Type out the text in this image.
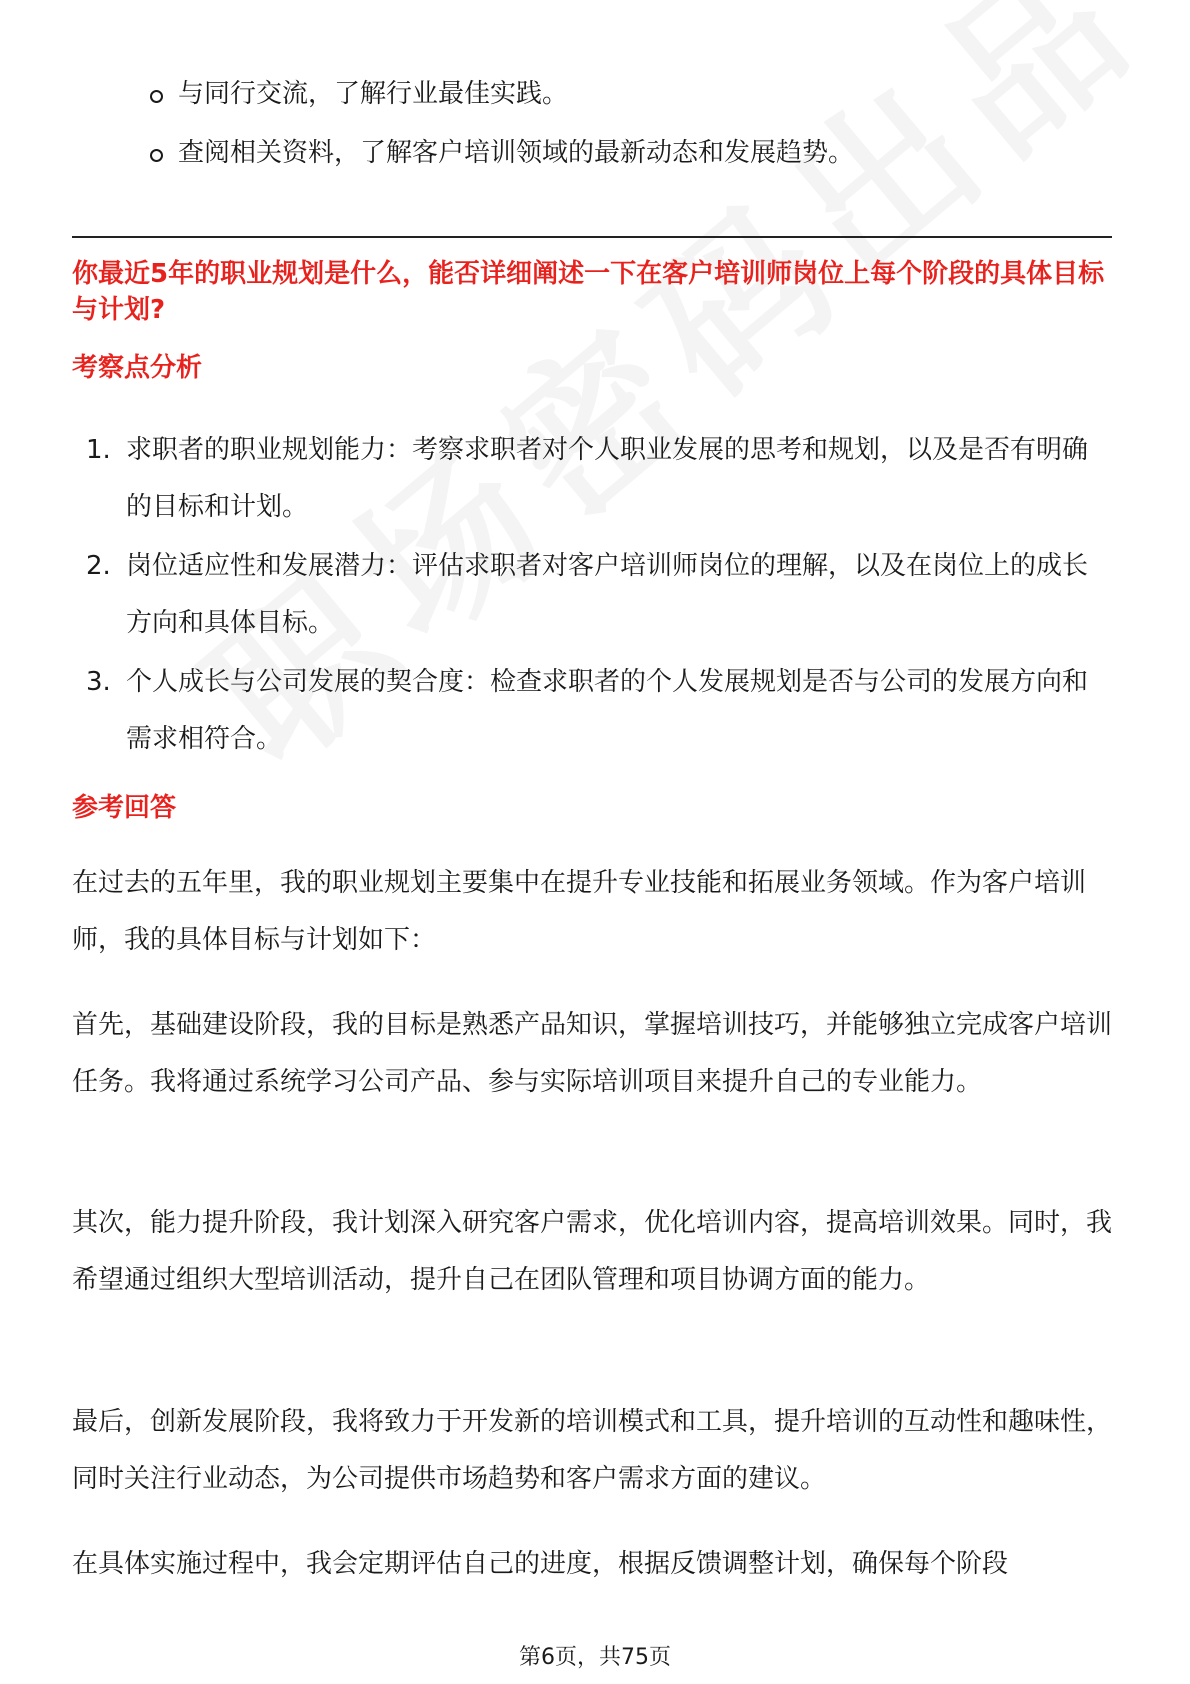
与同行交流，了解行业最佳实践。
查阅相关资料，了解客户培训领域的最新动态和发展趋势。

你最近5年的职业规划是什么，能否详细阐述一下在客户培训师岗位上每个阶段的具体目标与计划?

考察点分析
1. 求职者的职业规划能力：考察求职者对个人职业发展的思考和规划，以及是否有明确的目标和计划。
2. 岗位适应性和发展潜力：评估求职者对客户培训师岗位的理解，以及在岗位上的成长方向和具体目标。
3. 个人成长与公司发展的契合度：检查求职者的个人发展规划是否与公司的发展方向和需求相符合。
参考回答

在过去的五年里，我的职业规划主要集中在提升专业技能和拓展业务领域。作为客户培训师，我的具体目标与计划如下：

首先，基础建设阶段，我的目标是熟悉产品知识，掌握培训技巧，并能够独立完成客户培训任务。我将通过系统学习公司产品、参与实际培训项目来提升自己的专业能力。

其次，能力提升阶段，我计划深入研究客户需求，优化培训内容，提高培训效果。同时，我希望通过组织大型培训活动，提升自己在团队管理和项目协调方面的能力。

最后，创新发展阶段，我将致力于开发新的培训模式和工具，提升培训的互动性和趣味性，同时关注行业动态，为公司提供市场趋势和客户需求方面的建议。

在具体实施过程中，我会定期评估自己的进度，根据反馈调整计划，确保每个阶段

第6页，共75页
